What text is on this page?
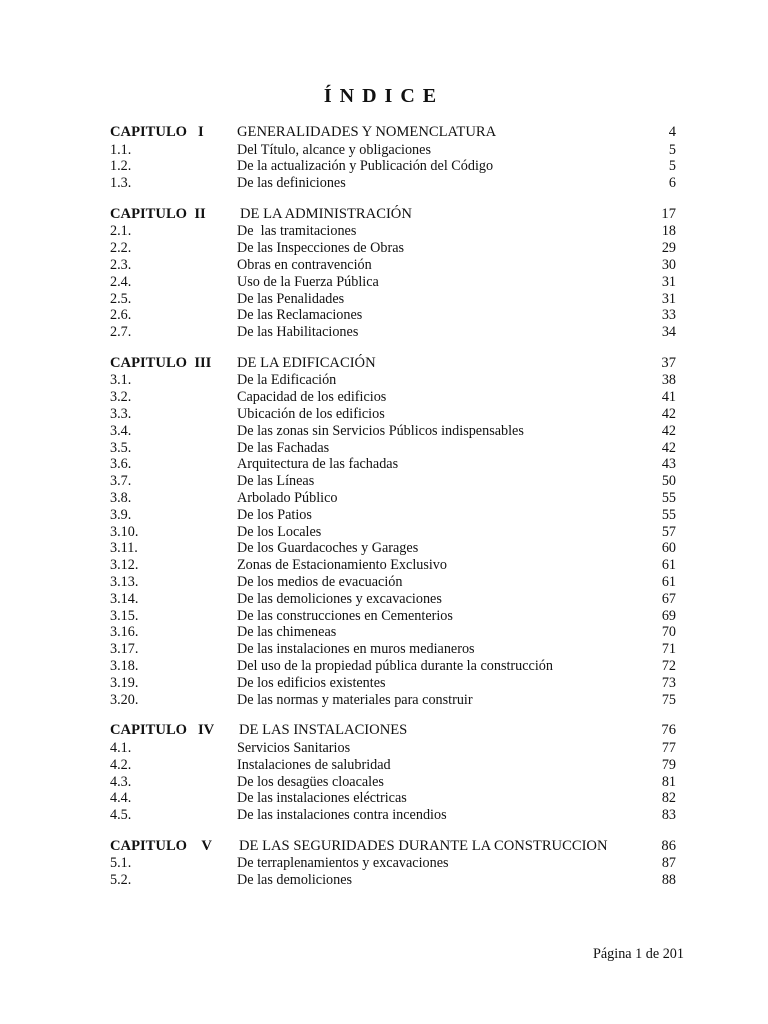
ÍNDICE
CAPITULO   I GENERALIDADES Y NOMENCLATURA	4
1.1.	Del Título, alcance y obligaciones	5
1.2.	De la actualización y Publicación del Código	5
1.3.	De las definiciones	6
CAPITULO  II DE LA ADMINISTRACIÓN	17
2.1.	De  las tramitaciones	18
2.2.	De las Inspecciones de Obras	29
2.3.	Obras en contravención	30
2.4.	Uso de la Fuerza Pública	31
2.5.	De las Penalidades	31
2.6.	De las Reclamaciones	33
2.7.	De las Habilitaciones	34
CAPITULO  III DE LA EDIFICACIÓN	37
3.1.	De la Edificación	38
3.2.	Capacidad de los edificios	41
3.3.	Ubicación de los edificios	42
3.4.	De las zonas sin Servicios Públicos indispensables	42
3.5.	De las Fachadas	42
3.6.	Arquitectura de las fachadas	43
3.7.	De las Líneas	50
3.8.	Arbolado Público	55
3.9.	De los Patios	55
3.10.	De los Locales	57
3.11.	De los Guardacoches y Garages	60
3.12.	Zonas de Estacionamiento Exclusivo	61
3.13.	De los medios de evacuación	61
3.14.	De las demoliciones y excavaciones	67
3.15.	De las construcciones en Cementerios	69
3.16.	De las chimeneas	70
3.17.	De las instalaciones en muros medianeros	71
3.18.	Del uso de la propiedad pública durante la construcción	72
3.19.	De los edificios existentes	73
3.20.	De las normas y materiales para construir	75
CAPITULO   IV DE LAS INSTALACIONES	76
4.1.	Servicios Sanitarios	77
4.2.	Instalaciones de salubridad	79
4.3.	De los desagües cloacales	81
4.4.	De las instalaciones eléctricas	82
4.5.	De las instalaciones contra incendios	83
CAPITULO    V DE LAS SEGURIDADES DURANTE LA CONSTRUCCION	86
5.1.	De terraplenamientos y excavaciones	87
5.2.	De las demoliciones	88
Página 1 de 201
